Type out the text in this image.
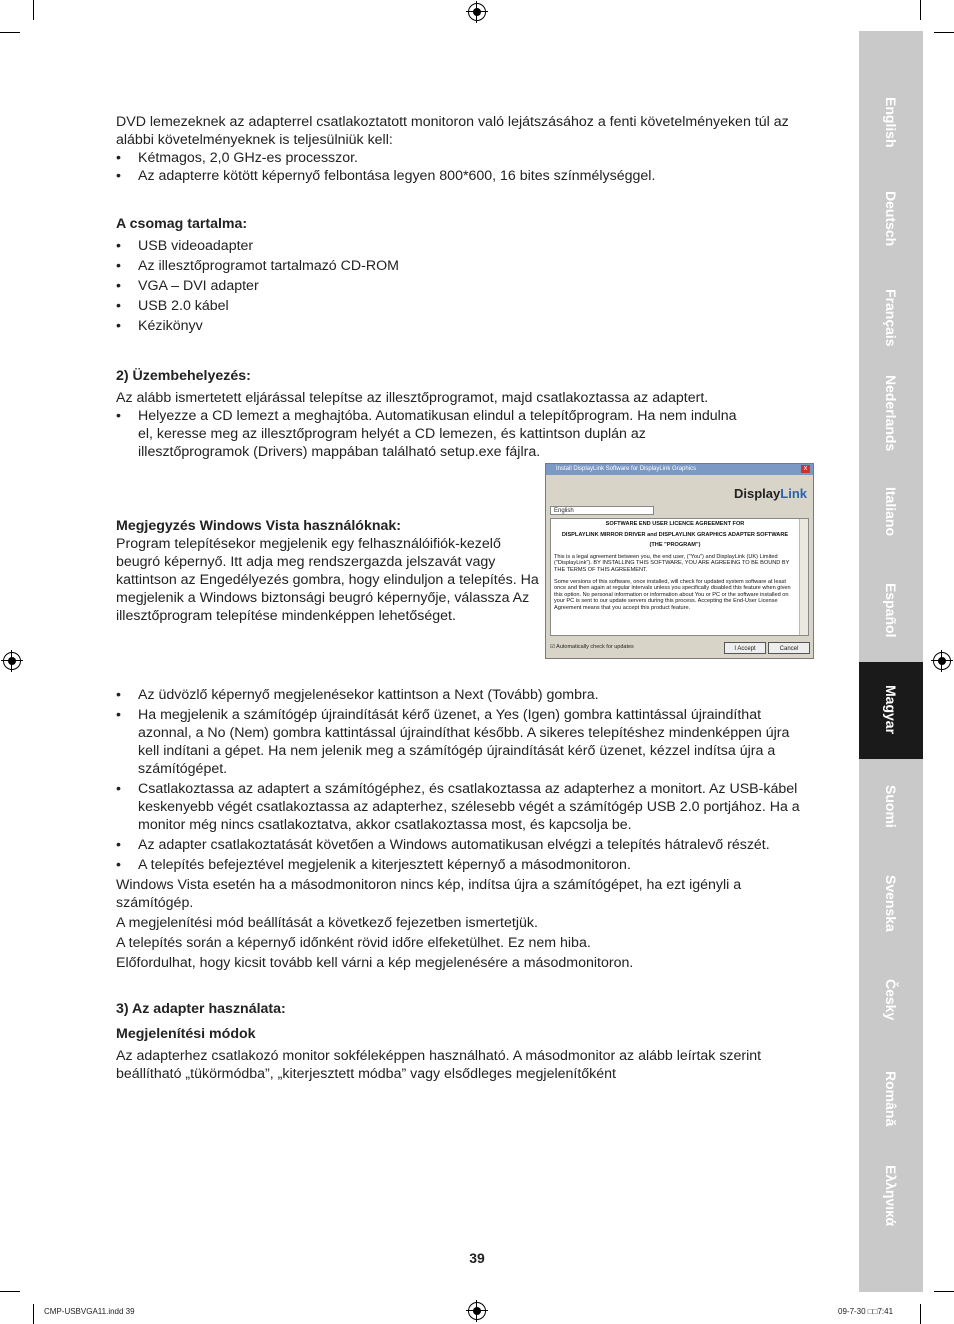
DVD lemezeknek az adapterrel csatlakoztatott monitoron való lejátszásához a fenti követelményeken túl az alábbi követelményeknek is teljesülniük kell:
• Kétmagos, 2,0 GHz-es processzor.
• Az adapterre kötött képernyő felbontása legyen 800*600, 16 bites színmélységgel.
A csomag tartalma:
• USB videoadapter
• Az illesztőprogramot tartalmazó CD-ROM
• VGA – DVI adapter
• USB 2.0 kábel
• Kézikönyv
2) Üzembehelyezés:
Az alább ismertetett eljárással telepítse az illesztőprogramot, majd csatlakoztassa az adaptert.
• Helyezze a CD lemezt a meghajtóba. Automatikusan elindul a telepítőprogram. Ha nem indulna el, keresse meg az illesztőprogram helyét a CD lemezen, és kattintson duplán az illesztőprogramok (Drivers) mappában található setup.exe fájlra.
Megjegyzés Windows Vista használóknak:
Program telepítésekor megjelenik egy felhasználóifiók-kezelő beugró képernyő. Itt adja meg rendszergazda jelszavát vagy kattintson az Engedélyezés gombra, hogy elinduljon a telepítés. Ha megjelenik a Windows biztonsági beugró képernyője, válassza Az illesztőprogram telepítése mindenképpen lehetőséget.
• Az üdvözlő képernyő megjelenésekor kattintson a Next (Tovább) gombra.
• Ha megjelenik a számítógép újraindítását kérő üzenet, a Yes (Igen) gombra kattintással újraindíthat azonnal, a No (Nem) gombra kattintással újraindíthat később. A sikeres telepítéshez mindenképpen újra kell indítani a gépet. Ha nem jelenik meg a számítógép újraindítását kérő üzenet, kézzel indítsa újra a számítógépet.
• Csatlakoztassa az adaptert a számítógéphez, és csatlakoztassa az adapterhez a monitort. Az USB-kábel keskenyebb végét csatlakoztassa az adapterhez, szélesebb végét a számítógép USB 2.0 portjához. Ha a monitor még nincs csatlakoztatva, akkor csatlakoztassa most, és kapcsolja be.
• Az adapter csatlakoztatását követően a Windows automatikusan elvégzi a telepítés hátralevő részét.
• A telepítés befejeztével megjelenik a kiterjesztett képernyő a másodmonitoron.
Windows Vista esetén ha a másodmonitoron nincs kép, indítsa újra a számítógépet, ha ezt igényli a számítógép.
A megjelenítési mód beállítását a következő fejezetben ismertetjük.
A telepítés során a képernyő időnként rövid időre elfeketülhet. Ez nem hiba.
Előfordulhat, hogy kicsit tovább kell várni a kép megjelenésére a másodmonitoron.
3) Az adapter használata:
Megjelenítési módok
Az adapterhez csatlakozó monitor sokféleképpen használható. A másodmonitor az alább leírtak szerint beállítható „tükörmódba”, „kiterjesztett módba” vagy elsődleges megjelenítőként
Install DisplayLink Software for DisplayLink Graphics	x
DisplayLink
English
SOFTWARE END USER LICENCE AGREEMENT FOR
DISPLAYLINK MIRROR DRIVER and DISPLAYLINK GRAPHICS ADAPTER SOFTWARE
(THE "PROGRAM")
This is a legal agreement between you, the end user, ("You") and DisplayLink (UK) Limited ("DisplayLink"). BY INSTALLING THIS SOFTWARE, YOU ARE AGREEING TO BE BOUND BY THE TERMS OF THIS AGREEMENT.
Some versions of this software, once installed, will check for updated system software at least once and then again at regular intervals unless you specifically disabled this feature when given this option. No personal information or information about You or PC or the software installed on your PC is sent to our update servers during this process. Accepting the End-User License Agreement means that you accept this product feature.
☑ Automatically check for updates	I Accept	Cancel
English
Deutsch
Français
Nederlands
Italiano
Español
Magyar
Suomi
Svenska
Česky
Română
Ελληνικά
39
CMP-USBVGA11.indd 39	09-7-30 □□7:41
